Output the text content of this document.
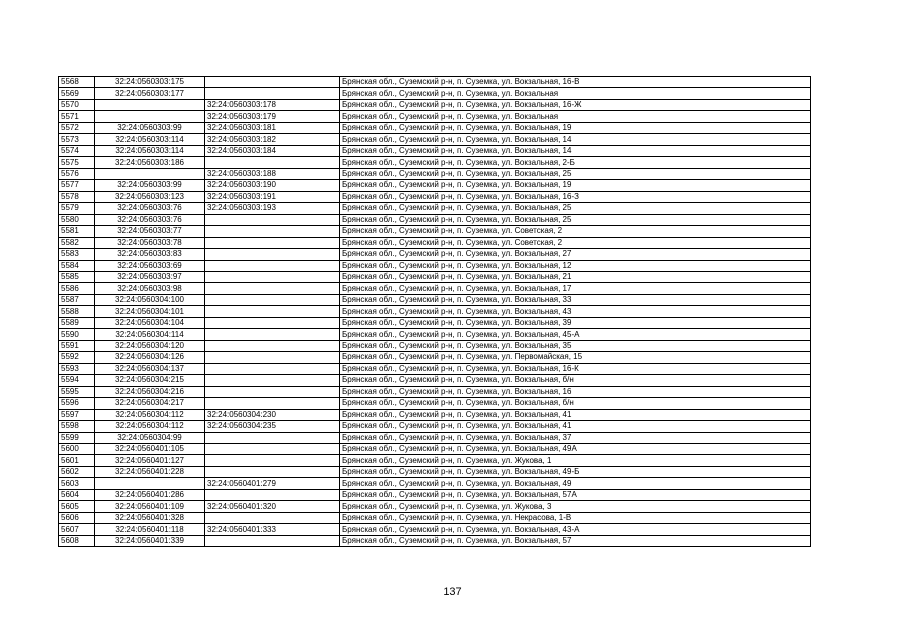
5568	32:24:0560303:175		Брянская обл., Суземский р-н, п. Суземка, ул. Вокзальная, 16-В
5569	32:24:0560303:177		Брянская обл., Суземский р-н, п. Суземка, ул. Вокзальная
5570		32:24:0560303:178	Брянская обл., Суземский р-н, п. Суземка, ул. Вокзальная, 16-Ж
5571		32:24:0560303:179	Брянская обл., Суземский р-н, п. Суземка, ул. Вокзальная
5572	32:24:0560303:99	32:24:0560303:181	Брянская обл., Суземский р-н, п. Суземка, ул. Вокзальная, 19
5573	32:24:0560303:114	32:24:0560303:182	Брянская обл., Суземский р-н, п. Суземка, ул. Вокзальная, 14
5574	32:24:0560303:114	32:24:0560303:184	Брянская обл., Суземский р-н, п. Суземка, ул. Вокзальная, 14
5575	32:24:0560303:186		Брянская обл., Суземский р-н, п. Суземка, ул. Вокзальная, 2-Б
5576		32:24:0560303:188	Брянская обл., Суземский р-н, п. Суземка, ул. Вокзальная, 25
5577	32:24:0560303:99	32:24:0560303:190	Брянская обл., Суземский р-н, п. Суземка, ул. Вокзальная, 19
5578	32:24:0560303:123	32:24:0560303:191	Брянская обл., Суземский р-н, п. Суземка, ул. Вокзальная, 16-З
5579	32:24:0560303:76	32:24:0560303:193	Брянская обл., Суземский р-н, п. Суземка, ул. Вокзальная, 25
5580	32:24:0560303:76		Брянская обл., Суземский р-н, п. Суземка, ул. Вокзальная, 25
5581	32:24:0560303:77		Брянская обл., Суземский р-н, п. Суземка, ул. Советская, 2
5582	32:24:0560303:78		Брянская обл., Суземский р-н, п. Суземка, ул. Советская, 2
5583	32:24:0560303:83		Брянская обл., Суземский р-н, п. Суземка, ул. Вокзальная, 27
5584	32:24:0560303:69		Брянская обл., Суземский р-н, п. Суземка, ул. Вокзальная, 12
5585	32:24:0560303:97		Брянская обл., Суземский р-н, п. Суземка, ул. Вокзальная, 21
5586	32:24:0560303:98		Брянская обл., Суземский р-н, п. Суземка, ул. Вокзальная, 17
5587	32:24:0560304:100		Брянская обл., Суземский р-н, п. Суземка, ул. Вокзальная, 33
5588	32:24:0560304:101		Брянская обл., Суземский р-н, п. Суземка, ул. Вокзальная, 43
5589	32:24:0560304:104		Брянская обл., Суземский р-н, п. Суземка, ул. Вокзальная, 39
5590	32:24:0560304:114		Брянская обл., Суземский р-н, п. Суземка, ул. Вокзальная, 45-А
5591	32:24:0560304:120		Брянская обл., Суземский р-н, п. Суземка, ул. Вокзальная, 35
5592	32:24:0560304:126		Брянская обл., Суземский р-н, п. Суземка, ул. Первомайская, 15
5593	32:24:0560304:137		Брянская обл., Суземский р-н, п. Суземка, ул. Вокзальная, 16-К
5594	32:24:0560304:215		Брянская обл., Суземский р-н, п. Суземка, ул. Вокзальная, б/н
5595	32:24:0560304:216		Брянская обл., Суземский р-н, п. Суземка, ул. Вокзальная, 16
5596	32:24:0560304:217		Брянская обл., Суземский р-н, п. Суземка, ул. Вокзальная, б/н
5597	32:24:0560304:112	32:24:0560304:230	Брянская обл., Суземский р-н, п. Суземка, ул. Вокзальная, 41
5598	32:24:0560304:112	32:24:0560304:235	Брянская обл., Суземский р-н, п. Суземка, ул. Вокзальная, 41
5599	32:24:0560304:99		Брянская обл., Суземский р-н, п. Суземка, ул. Вокзальная, 37
5600	32:24:0560401:105		Брянская обл., Суземский р-н, п. Суземка, ул. Вокзальная, 49А
5601	32:24:0560401:127		Брянская обл., Суземский р-н, п. Суземка, ул. Жукова, 1
5602	32:24:0560401:228		Брянская обл., Суземский р-н, п. Суземка, ул. Вокзальная, 49-Б
5603		32:24:0560401:279	Брянская обл., Суземский р-н, п. Суземка, ул. Вокзальная, 49
5604	32:24:0560401:286		Брянская обл., Суземский р-н, п. Суземка, ул. Вокзальная, 57А
5605	32:24:0560401:109	32:24:0560401:320	Брянская обл., Суземский р-н, п. Суземка, ул. Жукова, 3
5606	32:24:0560401:328		Брянская обл., Суземский р-н, п. Суземка, ул. Некрасова, 1-В
5607	32:24:0560401:118	32:24:0560401:333	Брянская обл., Суземский р-н, п. Суземка, ул. Вокзальная, 43-А
5608	32:24:0560401:339		Брянская обл., Суземский р-н, п. Суземка, ул. Вокзальная, 57
137
